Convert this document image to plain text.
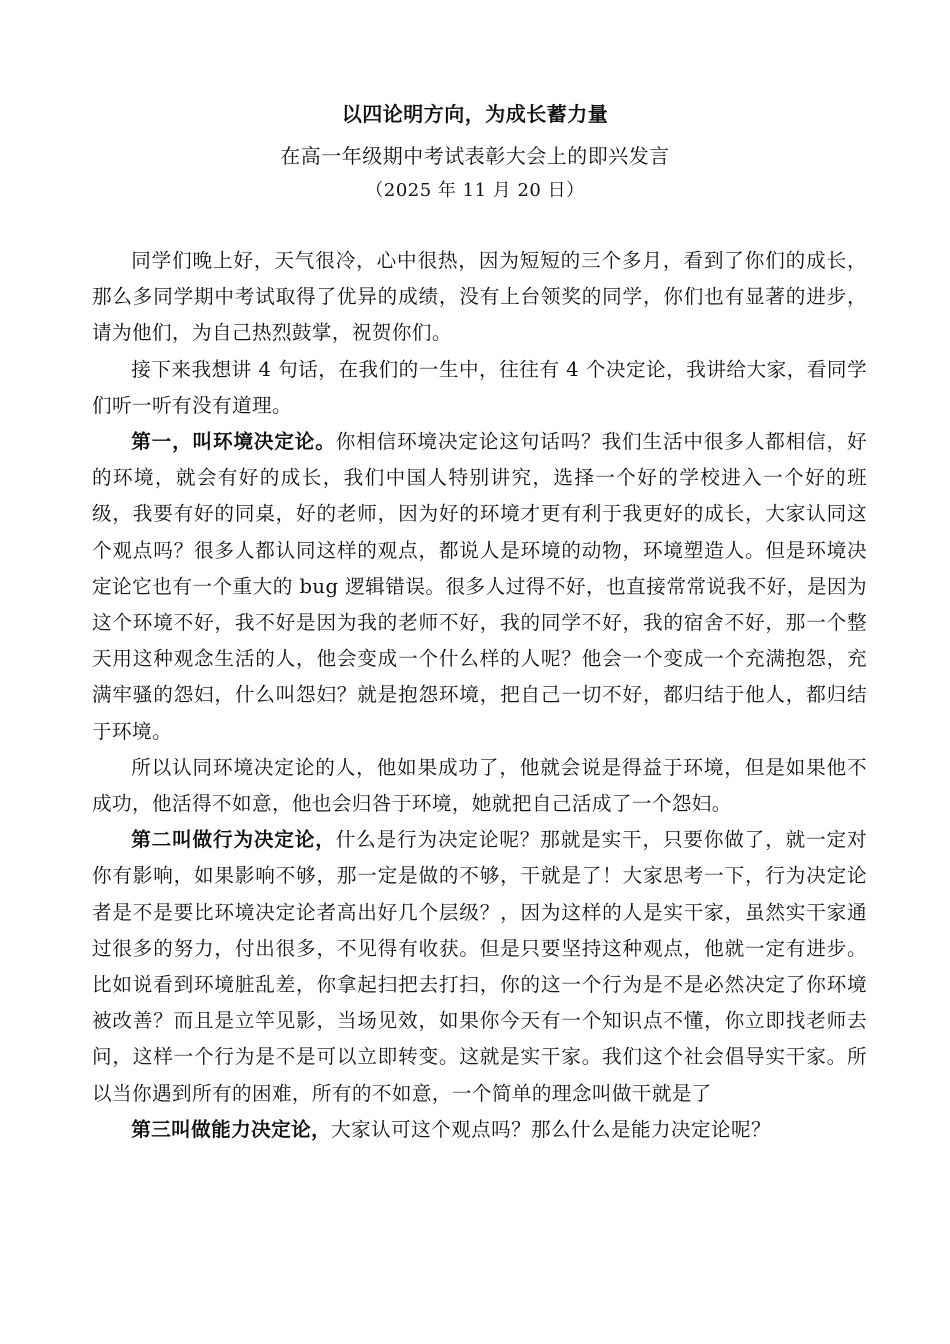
以四论明方向，为成长蓄力量
在高一年级期中考试表彰大会上的即兴发言
（2025 年 11 月 20 日）

同学们晚上好，天气很冷，心中很热，因为短短的三个多月，看到了你们的成长，那么多同学期中考试取得了优异的成绩，没有上台领奖的同学，你们也有显著的进步，请为他们，为自己热烈鼓掌，祝贺你们。

接下来我想讲 4 句话，在我们的一生中，往往有 4 个决定论，我讲给大家，看同学们听一听有没有道理。

第一，叫环境决定论。你相信环境决定论这句话吗？我们生活中很多人都相信，好的环境，就会有好的成长，我们中国人特别讲究，选择一个好的学校进入一个好的班级，我要有好的同桌，好的老师，因为好的环境才更有利于我更好的成长，大家认同这个观点吗？很多人都认同这样的观点，都说人是环境的动物，环境塑造人。但是环境决定论它也有一个重大的 bug 逻辑错误。很多人过得不好，也直接常常说我不好，是因为这个环境不好，我不好是因为我的老师不好，我的同学不好，我的宿舍不好，那一个整天用这种观念生活的人，他会变成一个什么样的人呢？他会一个变成一个充满抱怨，充满牢骚的怨妇，什么叫怨妇？就是抱怨环境，把自己一切不好，都归结于他人，都归结于环境。

所以认同环境决定论的人，他如果成功了，他就会说是得益于环境，但是如果他不成功，他活得不如意，他也会归咎于环境，她就把自己活成了一个怨妇。

第二叫做行为决定论，什么是行为决定论呢？那就是实干，只要你做了，就一定对你有影响，如果影响不够，那一定是做的不够，干就是了！大家思考一下，行为决定论者是不是要比环境决定论者高出好几个层级？，因为这样的人是实干家，虽然实干家通过很多的努力，付出很多，不见得有收获。但是只要坚持这种观点，他就一定有进步。比如说看到环境脏乱差，你拿起扫把去打扫，你的这一个行为是不是必然决定了你环境被改善？而且是立竿见影，当场见效，如果你今天有一个知识点不懂，你立即找老师去问，这样一个行为是不是可以立即转变。这就是实干家。我们这个社会倡导实干家。所以当你遇到所有的困难，所有的不如意，一个简单的理念叫做干就是了

第三叫做能力决定论，大家认可这个观点吗？那么什么是能力决定论呢？
